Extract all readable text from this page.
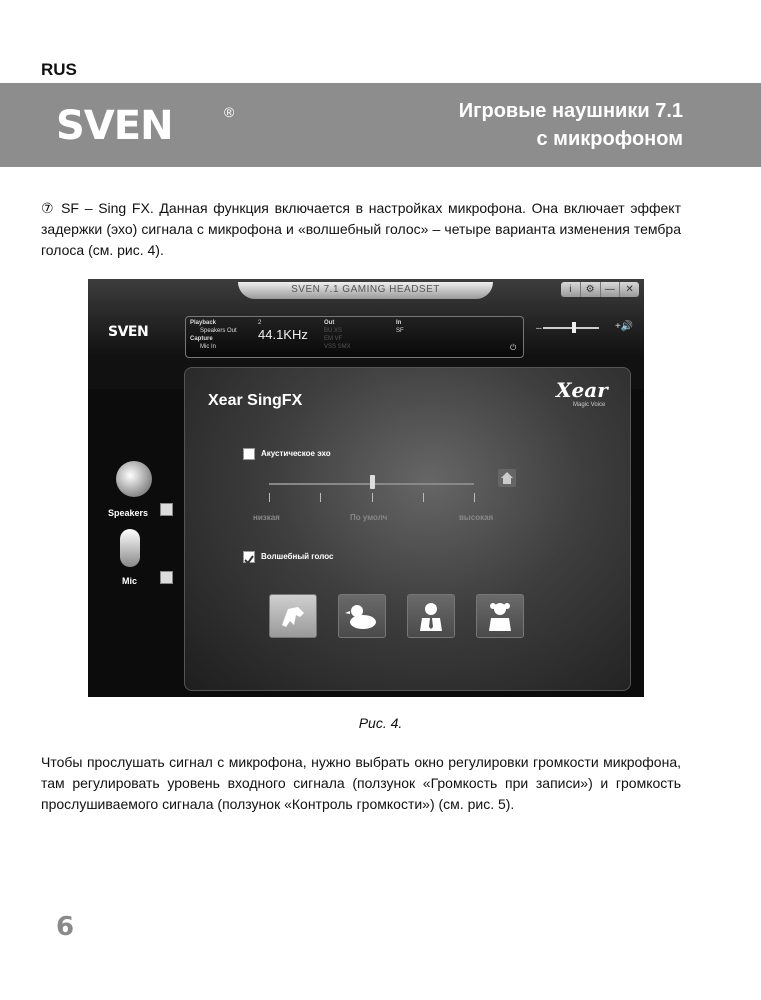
RUS
SVEN	®	Игровые наушники 7.1
с микрофоном
⑦ SF – Sing FX. Данная функция включается в настройках микрофона. Она включает эффект задержки (эхо) сигнала с микрофона и «волшебный голос» – четыре варианта изменения тембра голоса (см. рис. 4).
SVEN 7.1 GAMING HEADSET	i	⚙	—	✕
SVEN
Playback
Speakers Out
Capture
Mic In
2
44.1KHz
Out
BU XS
EM VF
VSS SMX
In
SF
⏻
–	+🔊
Speakers
Mic
Xear SingFX	Xear
Magic Voice
Акустическое эхо
низкая	По умолч	высокая
Волшебный голос
Рис. 4.
Чтобы прослушать сигнал с микрофона, нужно выбрать окно регулировки громкости микрофона, там регулировать уровень входного сигнала (ползунок «Громкость при записи») и громкость прослушиваемого сигнала (ползунок «Контроль громкости») (см. рис. 5).
6
